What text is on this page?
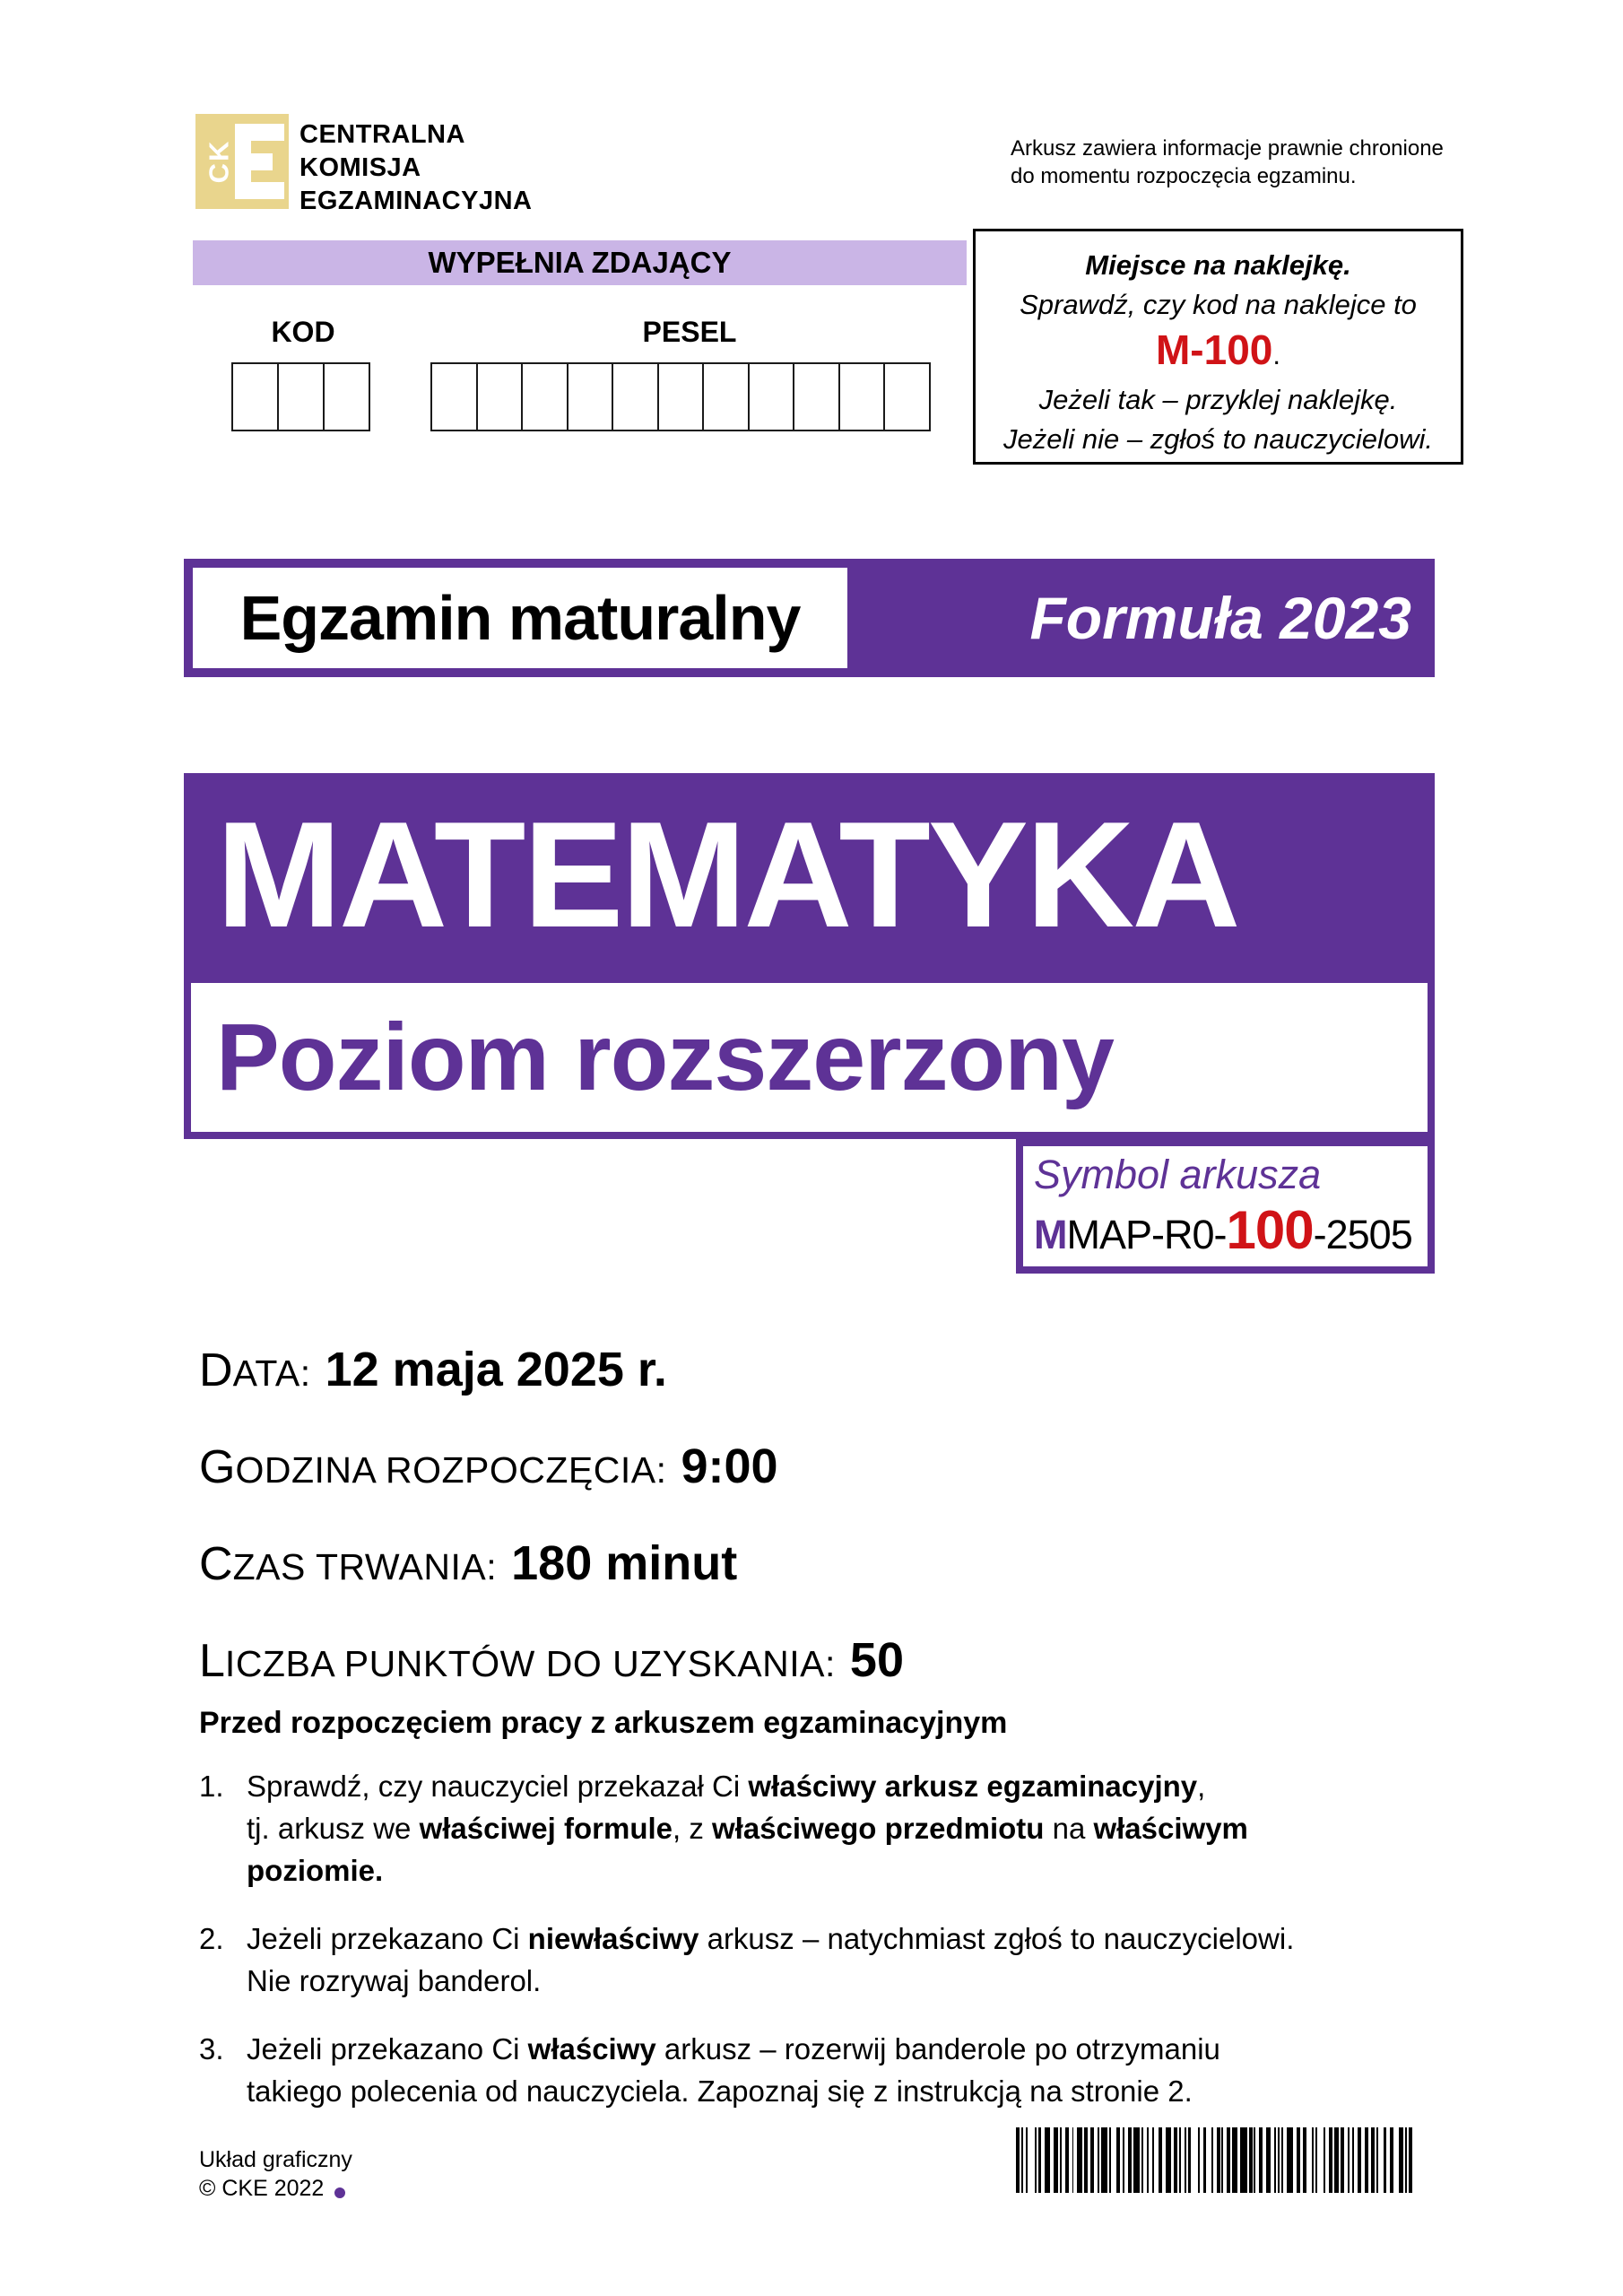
CK
CENTRALNA
KOMISJA
EGZAMINACYJNA
Arkusz zawiera informacje prawnie chronione
do momentu rozpoczęcia egzaminu.
WYPEŁNIA ZDAJĄCY
KOD	PESEL
Miejsce na naklejkę.
Sprawdź, czy kod na naklejce to
M-100.
Jeżeli tak – przyklej naklejkę.
Jeżeli nie – zgłoś to nauczycielowi.
Egzamin maturalny	Formuła 2023
MATEMATYKA
Poziom rozszerzony
Symbol arkusza
MMAP-R0-100-2505
DATA: 12 maja 2025 r.
GODZINA ROZPOCZĘCIA: 9:00
CZAS TRWANIA: 180 minut
LICZBA PUNKTÓW DO UZYSKANIA: 50
Przed rozpoczęciem pracy z arkuszem egzaminacyjnym
1. Sprawdź, czy nauczyciel przekazał Ci właściwy arkusz egzaminacyjny,
tj. arkusz we właściwej formule, z właściwego przedmiotu na właściwym
poziomie.
2. Jeżeli przekazano Ci niewłaściwy arkusz – natychmiast zgłoś to nauczycielowi.
Nie rozrywaj banderol.
3. Jeżeli przekazano Ci właściwy arkusz – rozerwij banderole po otrzymaniu
takiego polecenia od nauczyciela. Zapoznaj się z instrukcją na stronie 2.
Układ graficzny
© CKE 2022
